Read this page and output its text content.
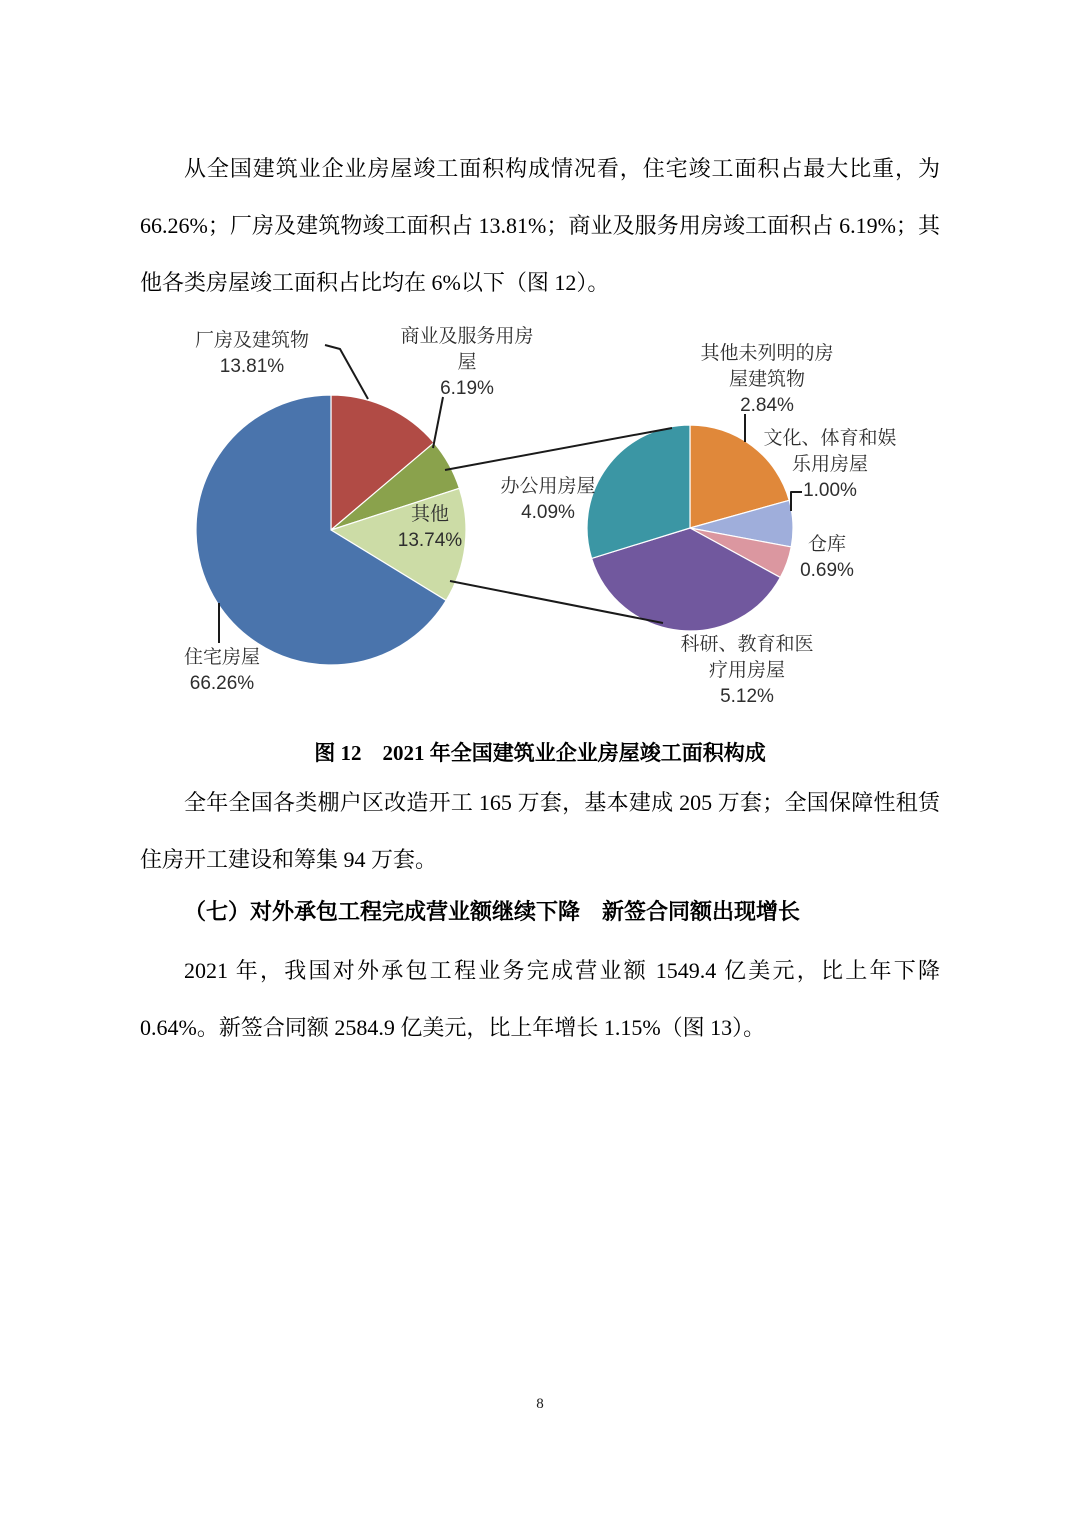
从全国建筑业企业房屋竣工面积构成情况看，住宅竣工面积占最大比重，为 66.26%；厂房及建筑物竣工面积占 13.81%；商业及服务用房竣工面积占 6.19%；其他各类房屋竣工面积占比均在 6%以下（图 12）。

厂房及建筑物
13.81%
商业及服务用房屋
6.19%
其他
13.74%
住宅房屋
66.26%
其他未列明的房屋建筑物
2.84%
文化、体育和娱乐用房屋
1.00%
仓库
0.69%
科研、教育和医疗用房屋
5.12%
办公用房屋
4.09%
图 12　2021 年全国建筑业企业房屋竣工面积构成

全年全国各类棚户区改造开工 165 万套，基本建成 205 万套；全国保障性租赁住房开工建设和筹集 94 万套。

（七）对外承包工程完成营业额继续下降　新签合同额出现增长

2021 年，我国对外承包工程业务完成营业额 1549.4 亿美元，比上年下降 0.64%。新签合同额 2584.9 亿美元，比上年增长 1.15%（图 13）。

8
